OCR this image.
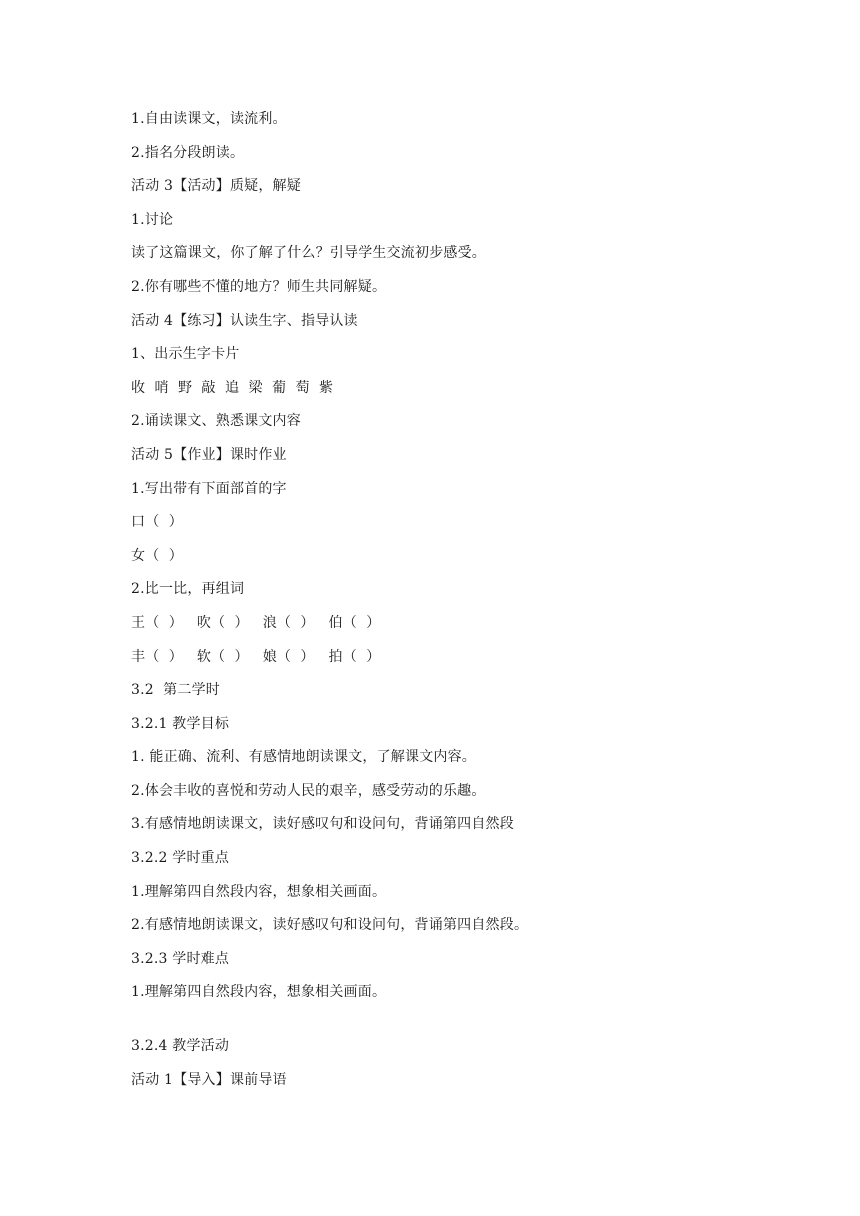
1.自由读课文，读流利。
2.指名分段朗读。
活动 3【活动】质疑，解疑
1.讨论
读了这篇课文，你了解了什么？引导学生交流初步感受。
2.你有哪些不懂的地方？师生共同解疑。
活动 4【练习】认读生字、指导认读
1、出示生字卡片
收  哨  野  敲  追  梁  葡  萄  紫
2.诵读课文、熟悉课文内容
活动 5【作业】课时作业
1.写出带有下面部首的字
口（  ）
女（  ）
2.比一比，再组词
王（  ）   吹（  ）   浪（  ）   伯（  ）
丰（  ）   软（  ）   娘（  ）   拍（  ）
3.2  第二学时
3.2.1 教学目标
1. 能正确、流利、有感情地朗读课文，了解课文内容。
2.体会丰收的喜悦和劳动人民的艰辛，感受劳动的乐趣。
3.有感情地朗读课文，读好感叹句和设问句，背诵第四自然段
3.2.2 学时重点
1.理解第四自然段内容，想象相关画面。
2.有感情地朗读课文，读好感叹句和设问句，背诵第四自然段。
3.2.3 学时难点
1.理解第四自然段内容，想象相关画面。
3.2.4 教学活动
活动 1【导入】课前导语
